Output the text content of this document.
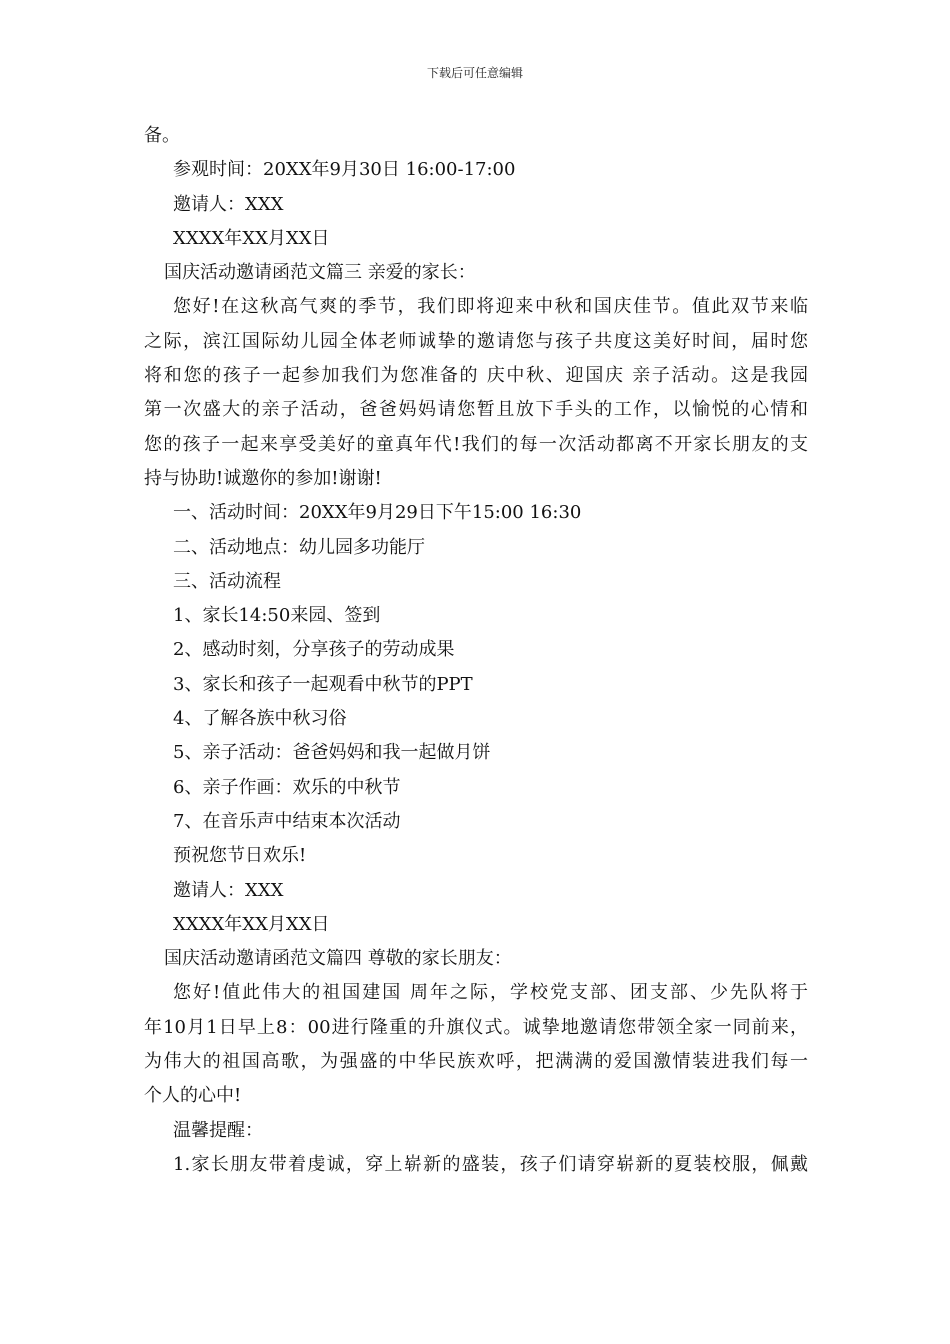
下载后可任意编辑
备。
参观时间：20XX年9月30日 16:00-17:00
邀请人：XXX
XXXX年XX月XX日
国庆活动邀请函范文篇三 亲爱的家长：
您好!在这秋高气爽的季节，我们即将迎来中秋和国庆佳节。值此双节来临
之际，滨江国际幼儿园全体老师诚挚的邀请您与孩子共度这美好时间，届时您
将和您的孩子一起参加我们为您准备的 庆中秋、迎国庆 亲子活动。这是我园
第一次盛大的亲子活动，爸爸妈妈请您暂且放下手头的工作，以愉悦的心情和
您的孩子一起来享受美好的童真年代!我们的每一次活动都离不开家长朋友的支
持与协助!诚邀你的参加!谢谢!
一、活动时间：20XX年9月29日下午15:00 16:30
二、活动地点：幼儿园多功能厅
三、活动流程
1、家长14:50来园、签到
2、感动时刻，分享孩子的劳动成果
3、家长和孩子一起观看中秋节的PPT
4、了解各族中秋习俗
5、亲子活动：爸爸妈妈和我一起做月饼
6、亲子作画：欢乐的中秋节
7、在音乐声中结束本次活动
预祝您节日欢乐!
邀请人：XXX
XXXX年XX月XX日
国庆活动邀请函范文篇四 尊敬的家长朋友：
您好!值此伟大的祖国建国 周年之际，学校党支部、团支部、少先队将于
年10月1日早上8：00进行隆重的升旗仪式。诚挚地邀请您带领全家一同前来，
为伟大的祖国高歌，为强盛的中华民族欢呼，把满满的爱国激情装进我们每一
个人的心中!
温馨提醒：
1.家长朋友带着虔诚，穿上崭新的盛装，孩子们请穿崭新的夏装校服，佩戴
